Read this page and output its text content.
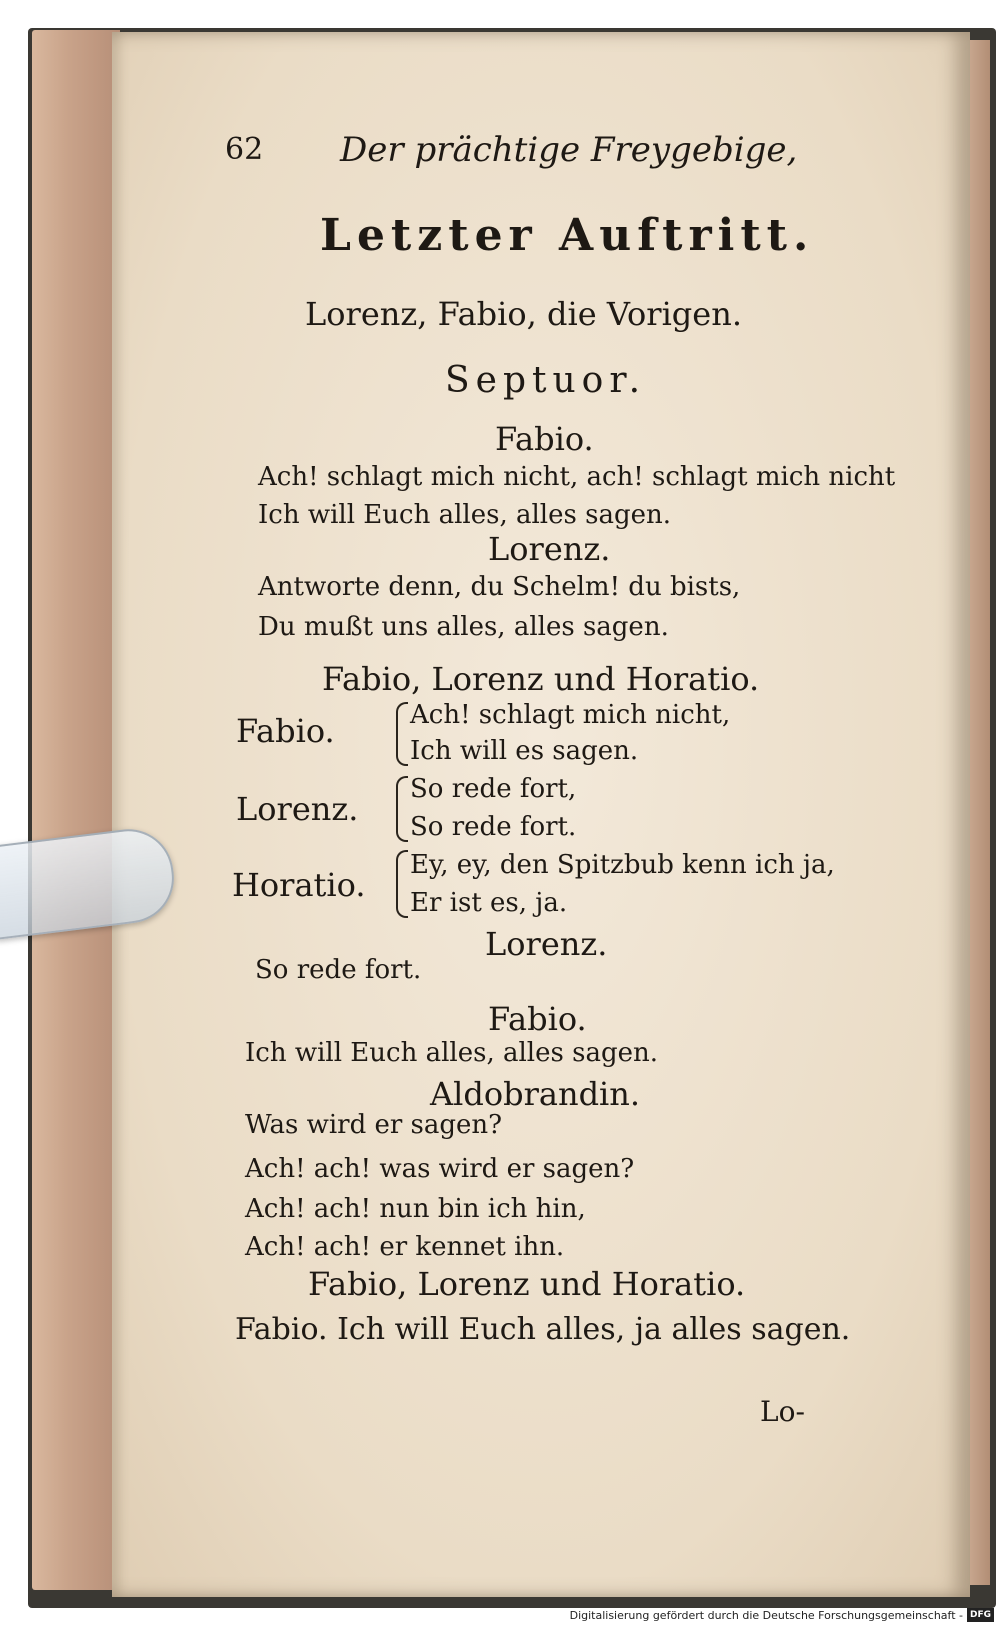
62 Der prächtige Freygebige,
Letzter Auftritt.
Lorenz, Fabio, die Vorigen.
Septuor.
Fabio.
Ach! schlagt mich nicht, ach! schlagt mich nicht
Ich will Euch alles, alles sagen.
Lorenz.
Antworte denn, du Schelm! du bists,
Du mußt uns alles, alles sagen.
Fabio, Lorenz und Horatio.
Fabio.	Ach! schlagt mich nicht,
Ich will es sagen.
Lorenz.
So rede fort,
So rede fort.
Horatio.
Ey, ey, den Spitzbub kenn ich ja,
Er ist es, ja.
Lorenz.
So rede fort.
Fabio.
Ich will Euch alles, alles sagen.
Aldobrandin.
Was wird er sagen?
Ach! ach! was wird er sagen?
Ach! ach! nun bin ich hin,
Ach! ach! er kennet ihn.
Fabio, Lorenz und Horatio.
Fabio. Ich will Euch alles, ja alles sagen.
Lo-
Digitalisierung gefördert durch die Deutsche Forschungsgemeinschaft - DFG
